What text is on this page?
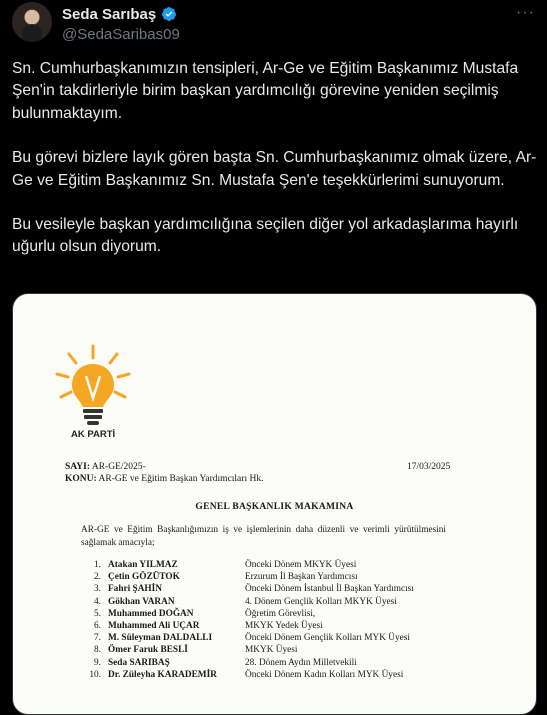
Seda Sarıbaş
@SedaSaribas09
···

Sn. Cumhurbaşkanımızın tensipleri, Ar-Ge ve Eğitim Başkanımız Mustafa Şen'in takdirleriyle birim başkan yardımcılığı görevine yeniden seçilmiş bulunmaktayım.

Bu görevi bizlere layık gören başta Sn. Cumhurbaşkanımız olmak üzere, Ar-Ge ve Eğitim Başkanımız Sn. Mustafa Şen'e teşekkürlerimi sunuyorum.

Bu vesileyle başkan yardımcılığına seçilen diğer yol arkadaşlarıma hayırlı uğurlu olsun diyorum.

AK PARTİ
SAYI: AR-GE/2025-
KONU: AR-GE ve Eğitim Başkan Yardımcıları Hk.
17/03/2025
GENEL BAŞKANLIK MAKAMINA
AR-GE ve Eğitim Başkanlığımızın iş ve işlemlerinin daha düzenli ve verimli yürütülmesini sağlamak amacıyla;
1. Atakan YILMAZ	Önceki Dönem MKYK Üyesi
2. Çetin GÖZÜTOK	Erzurum İl Başkan Yardımcısı
3. Fahri ŞAHİN	Önceki Dönem İstanbul İl Başkan Yardımcısı
4. Gökhan VARAN	4. Dönem Gençlik Kolları MKYK Üyesi
5. Muhammed DOĞAN	Öğretim Görevlisi,
6. Muhammed Ali UÇAR	MKYK Yedek Üyesi
7. M. Süleyman DALDALLI	Önceki Dönem Gençlik Kolları MYK Üyesi
8. Ömer Faruk BESLİ	MKYK Üyesi
9. Seda SARIBAŞ	28. Dönem Aydın Milletvekili
10. Dr. Züleyha KARADEMİR	Önceki Dönem Kadın Kolları MYK Üyesi
